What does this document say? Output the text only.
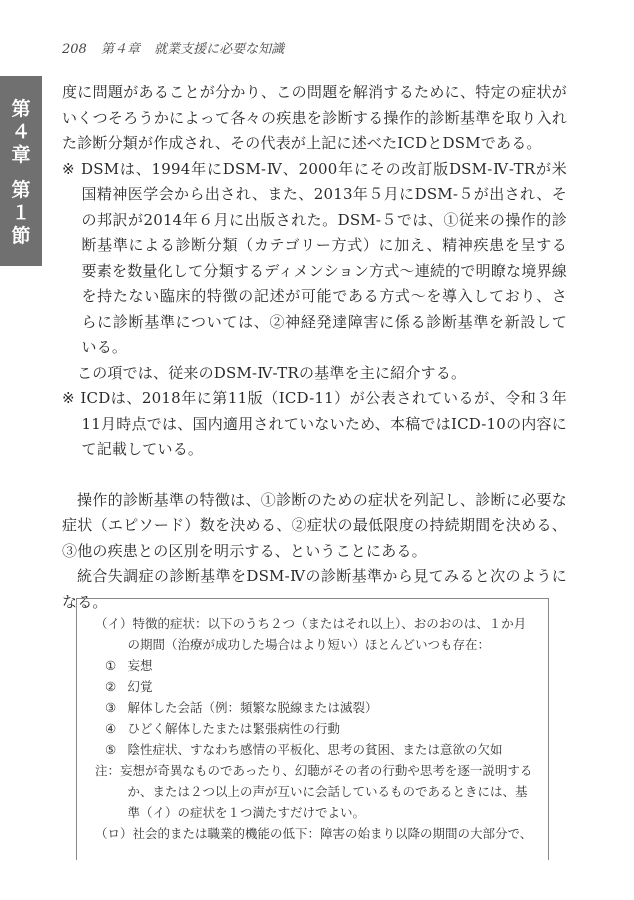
208 第４章 就業支援に必要な知識
第
４
章
第
１
節

度に問題があることが分かり、この問題を解消するために、特定の症状がいくつそろうかによって各々の疾患を診断する操作的診断基準を取り入れた診断分類が作成され、その代表が上記に述べたICDとDSMである。

※ DSMは、1994年にDSM-Ⅳ、2000年にその改訂版DSM-Ⅳ-TRが米国精神医学会から出され、また、2013年５月にDSM-５が出され、その邦訳が2014年６月に出版された。DSM-５では、①従来の操作的診断基準による診断分類（カテゴリー方式）に加え、精神疾患を呈する要素を数量化して分類するディメンション方式～連続的で明瞭な境界線を持たない臨床的特徴の記述が可能である方式～を導入しており、さらに診断基準については、②神経発達障害に係る診断基準を新設している。

この項では、従来のDSM-Ⅳ-TRの基準を主に紹介する。

※ ICDは、2018年に第11版（ICD-11）が公表されているが、令和３年11月時点では、国内適用されていないため、本稿ではICD-10の内容にて記載している。

操作的診断基準の特徴は、①診断のための症状を列記し、診断に必要な症状（エピソード）数を決める、②症状の最低限度の持続期間を決める、③他の疾患との区別を明示する、ということにある。

統合失調症の診断基準をDSM-Ⅳの診断基準から見てみると次のようになる。

（イ）特徴的症状：以下のうち２つ（またはそれ以上）、おのおのは、１か月の期間（治療が成功した場合はより短い）ほとんどいつも存在：

① 妄想

② 幻覚

③ 解体した会話（例：頻繁な脱線または滅裂）

④ ひどく解体したまたは緊張病性の行動

⑤ 陰性症状、すなわち感情の平板化、思考の貧困、または意欲の欠如

注：妄想が奇異なものであったり、幻聴がその者の行動や思考を逐一説明するか、または２つ以上の声が互いに会話しているものであるときには、基準（イ）の症状を１つ満たすだけでよい。

（ロ）社会的または職業的機能の低下：障害の始まり以降の期間の大部分で、
